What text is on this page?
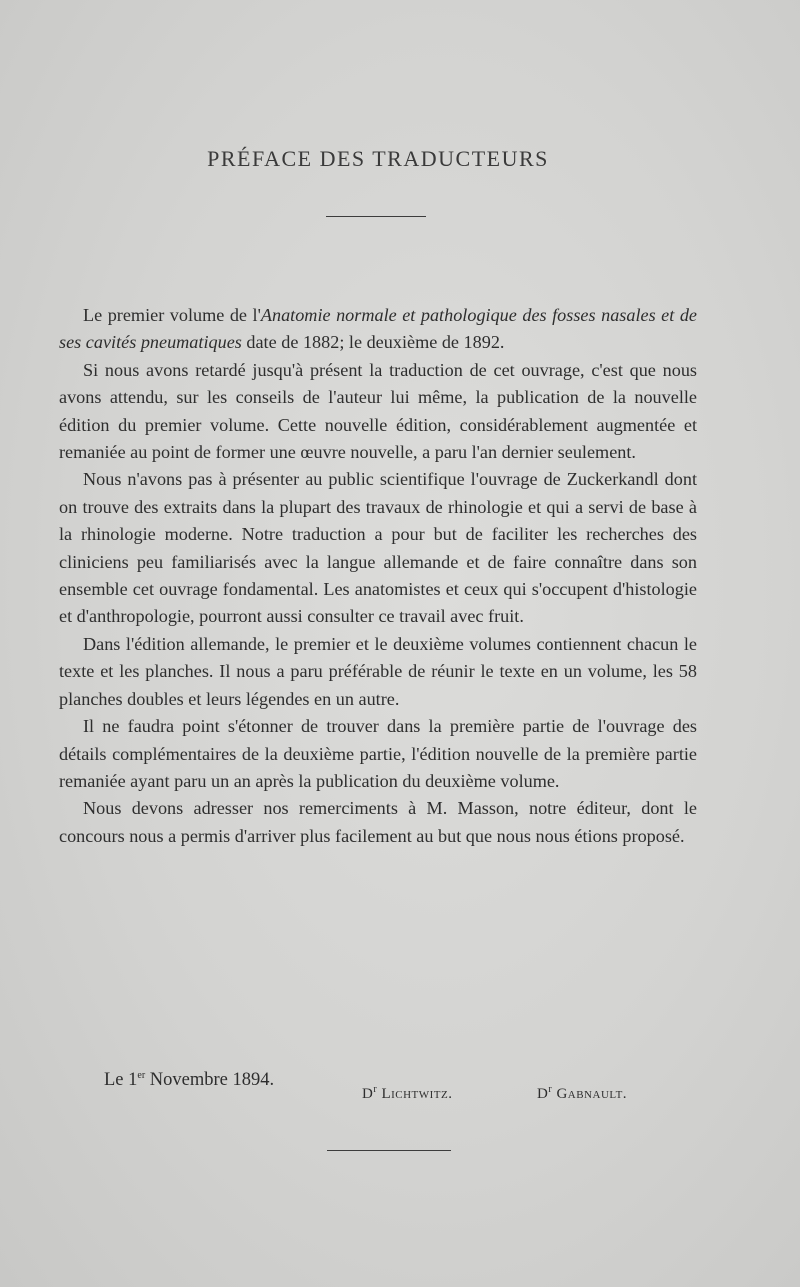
PRÉFACE DES TRADUCTEURS

Le premier volume de l'Anatomie normale et pathologique des fosses nasales et de ses cavités pneumatiques date de 1882; le deuxième de 1892.

Si nous avons retardé jusqu'à présent la traduction de cet ouvrage, c'est que nous avons attendu, sur les conseils de l'auteur lui même, la publication de la nouvelle édition du premier volume. Cette nouvelle édition, considérablement augmentée et remaniée au point de former une œuvre nouvelle, a paru l'an dernier seulement.

Nous n'avons pas à présenter au public scientifique l'ouvrage de Zuckerkandl dont on trouve des extraits dans la plupart des travaux de rhinologie et qui a servi de base à la rhinologie moderne. Notre traduction a pour but de faciliter les recherches des cliniciens peu familiarisés avec la langue allemande et de faire connaître dans son ensemble cet ouvrage fondamental. Les anatomistes et ceux qui s'occupent d'histologie et d'anthropologie, pourront aussi consulter ce travail avec fruit.

Dans l'édition allemande, le premier et le deuxième volumes contiennent chacun le texte et les planches. Il nous a paru préférable de réunir le texte en un volume, les 58 planches doubles et leurs légendes en un autre.

Il ne faudra point s'étonner de trouver dans la première partie de l'ouvrage des détails complémentaires de la deuxième partie, l'édition nouvelle de la première partie remaniée ayant paru un an après la publication du deuxième volume.

Nous devons adresser nos remerciments à M. Masson, notre éditeur, dont le concours nous a permis d'arriver plus facilement au but que nous nous étions proposé.

Le 1er Novembre 1894.
$D^r$ Lichtwitz.	$D^r$ Gabnault.
